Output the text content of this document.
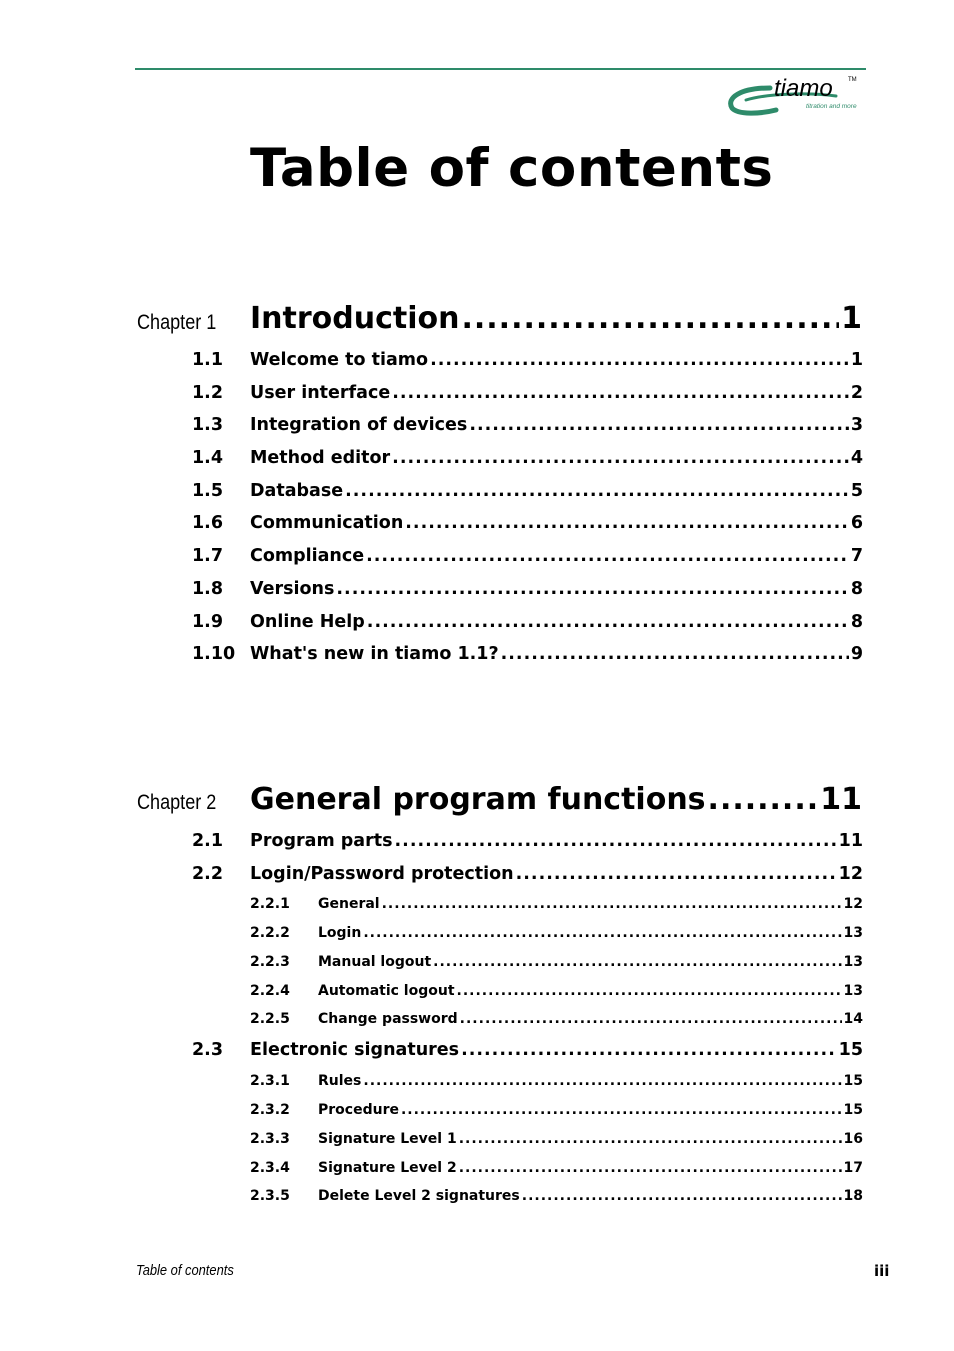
tiamo	TM
titration and more
Table of contents
Chapter 1 Introduction .....	1
1.1	Welcome to tiamo .....	1
1.2	User interface .....	2
1.3	Integration of devices .....	3
1.4	Method editor .....	4
1.5	Database .....	5
1.6	Communication .....	6
1.7	Compliance .....	7
1.8	Versions .....	8
1.9	Online Help .....	8
1.10 What's new in tiamo 1.1? .....	9
Chapter 2 General program functions .....	11
2.1	Program parts .....	11
2.2	Login/Password protection .....	12
2.2.1	General .....	12
2.2.2	Login .....	13
2.2.3	Manual logout .....	13
2.2.4	Automatic logout .....	13
2.2.5	Change password .....	14
2.3	Electronic signatures .....	15
2.3.1	Rules .....	15
2.3.2	Procedure .....	15
2.3.3	Signature Level 1 .....	16
2.3.4	Signature Level 2 .....	17
2.3.5	Delete Level 2 signatures .....	18
Table of contents	iii
